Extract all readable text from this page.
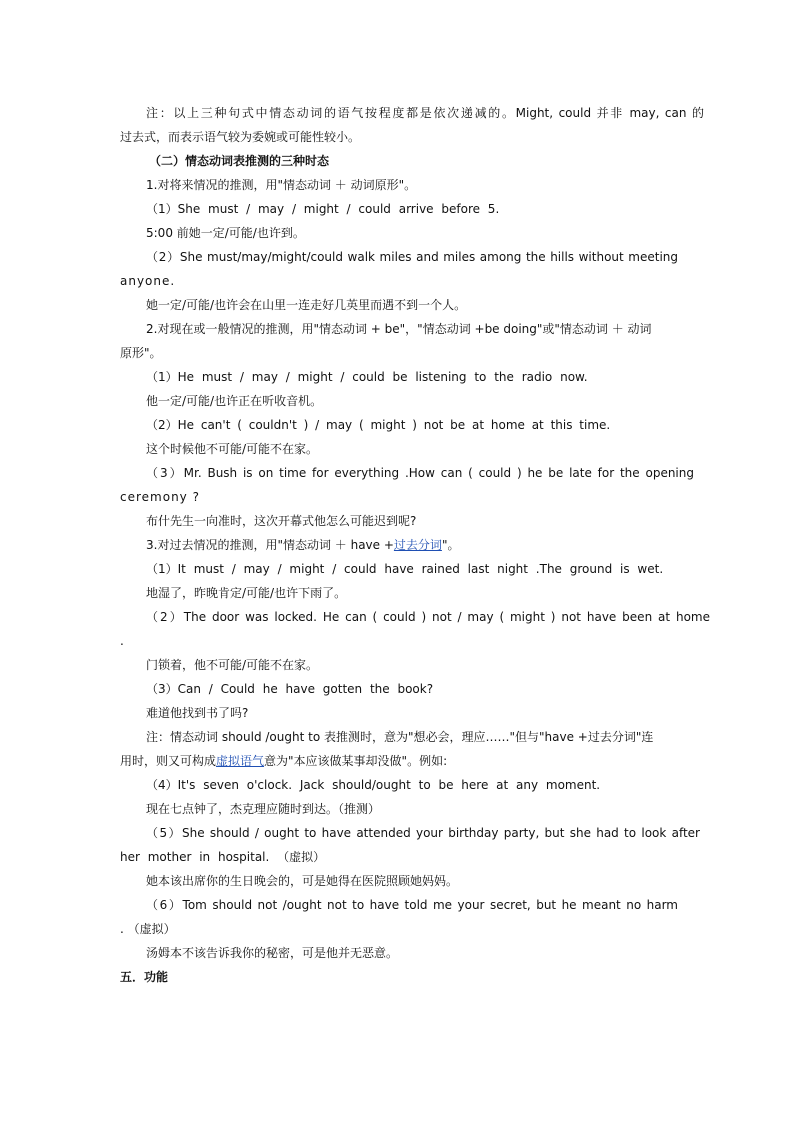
注：以上三种句式中情态动词的语气按程度都是依次递减的。Might, could 并非 may, can 的
过去式，而表示语气较为委婉或可能性较小。
（二）情态动词表推测的三种时态
1.对将来情况的推测，用"情态动词 ＋ 动词原形"。
（1）She must / may / might / could arrive before 5.
5:00 前她一定/可能/也许到。
（2）She must/may/might/could walk miles and miles among the hills without meeting
anyone.
她一定/可能/也许会在山里一连走好几英里而遇不到一个人。
2.对现在或一般情况的推测，用"情态动词 + be"，"情态动词 +be doing"或"情态动词 ＋ 动词
原形"。
（1）He must / may / might / could be listening to the radio now.
他一定/可能/也许正在听收音机。
（2）He can't ( couldn't ) / may ( might ) not be at home at this time.
这个时候他不可能/可能不在家。
（3）Mr. Bush is on time for everything .How can ( could ) he be late for the opening
ceremony ?
布什先生一向准时，这次开幕式他怎么可能迟到呢?
3.对过去情况的推测，用"情态动词 ＋ have +过去分词"。
（1）It must / may / might / could have rained last night .The ground is wet.
地湿了，昨晚肯定/可能/也许下雨了。
（2）The door was locked. He can ( could ) not / may ( might ) not have been at home
.
门锁着，他不可能/可能不在家。
（3）Can / Could he have gotten the book?
难道他找到书了吗?
注：情态动词 should /ought to 表推测时，意为"想必会，理应……"但与"have +过去分词"连
用时，则又可构成虚拟语气意为"本应该做某事却没做"。例如:
（4）It's seven o'clock. Jack should/ought to be here at any moment.
现在七点钟了，杰克理应随时到达。（推测）
（5）She should / ought to have attended your birthday party, but she had to look after
her mother in hospital. （虚拟）
她本该出席你的生日晚会的，可是她得在医院照顾她妈妈。
（6）Tom should not /ought not to have told me your secret, but he meant no harm
. （虚拟）
汤姆本不该告诉我你的秘密，可是他并无恶意。
五．功能
